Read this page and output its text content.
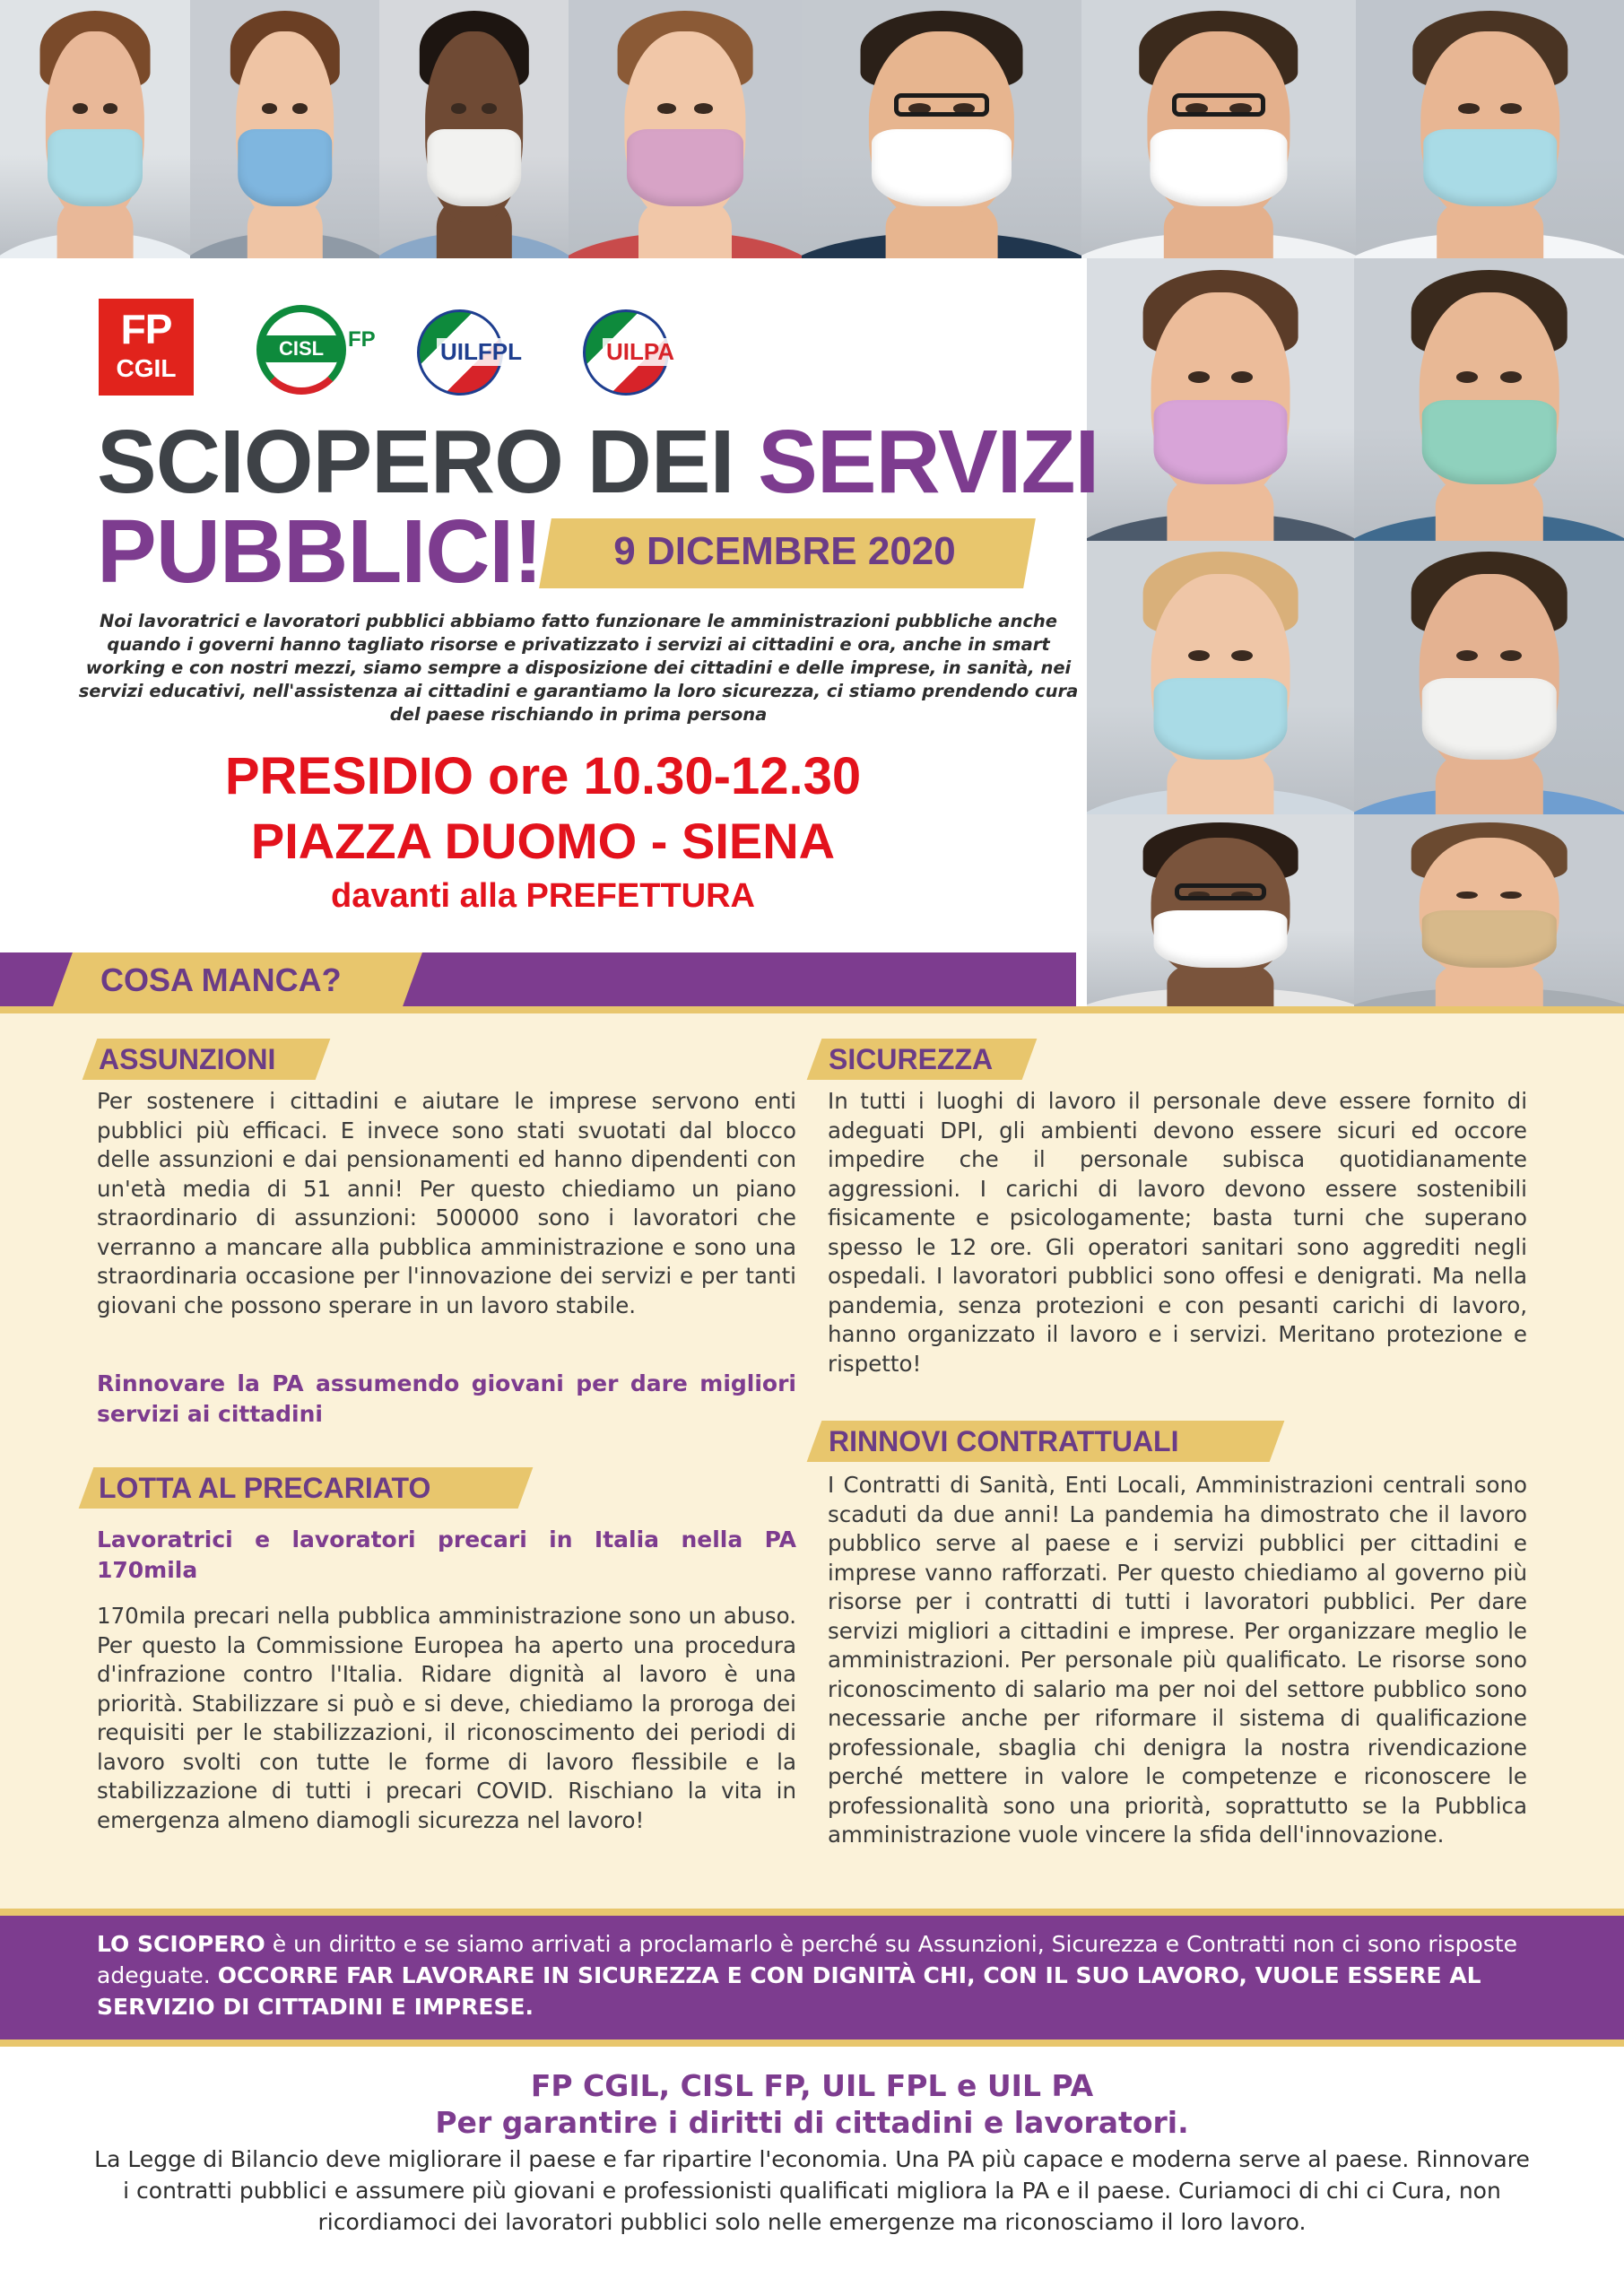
FP
CGIL
CISL	FP	UILFPL	UILPA
SCIOPERO DEI SERVIZI
PUBBLICI!	9 DICEMBRE 2020
Noi lavoratrici e lavoratori pubblici abbiamo fatto funzionare le amministrazioni pubbliche anche quando i governi hanno tagliato risorse e privatizzato i servizi ai cittadini e ora, anche in smart working e con nostri mezzi, siamo sempre a disposizione dei cittadini e delle imprese, in sanità, nei servizi educativi, nell'assistenza ai cittadini e garantiamo la loro sicurezza, ci stiamo prendendo cura del paese rischiando in prima persona
PRESIDIO ore 10.30-12.30
PIAZZA DUOMO - SIENA
davanti alla PREFETTURA
COSA MANCA?
ASSUNZIONI
Per sostenere i cittadini e aiutare le imprese servono enti pubblici più efficaci. E invece sono stati svuotati dal blocco delle assunzioni e dai pensionamenti ed hanno dipendenti con un'età media di 51 anni! Per questo chiediamo un piano straordinario di assunzioni: 500000 sono i lavoratori che verranno a mancare alla pubblica amministrazione e sono una straordinaria occasione per l'innovazione dei servizi e per tanti giovani che possono sperare in un lavoro stabile.
Rinnovare la PA assumendo giovani per dare migliori servizi ai cittadini
LOTTA AL PRECARIATO
Lavoratrici e lavoratori precari in Italia nella PA 170mila
170mila precari nella pubblica amministrazione sono un abuso. Per questo la Commissione Europea ha aperto una procedura d'infrazione contro l'Italia. Ridare dignità al lavoro è una priorità. Stabilizzare si può e si deve, chiediamo la proroga dei requisiti per le stabilizzazioni, il riconoscimento dei periodi di lavoro svolti con tutte le forme di lavoro flessibile e la stabilizzazione di tutti i precari COVID. Rischiano la vita in emergenza almeno diamogli sicurezza nel lavoro!
SICUREZZA
In tutti i luoghi di lavoro il personale deve essere fornito di adeguati DPI, gli ambienti devono essere sicuri ed occore impedire che il personale subisca quotidianamente aggressioni. I carichi di lavoro devono essere sostenibili fisicamente e psicologamente; basta turni che superano spesso le 12 ore. Gli operatori sanitari sono aggrediti negli ospedali. I lavoratori pubblici sono offesi e denigrati. Ma nella pandemia, senza protezioni e con pesanti carichi di lavoro, hanno organizzato il lavoro e i servizi. Meritano protezione e rispetto!
RINNOVI CONTRATTUALI
I Contratti di Sanità, Enti Locali, Amministrazioni centrali sono scaduti da due anni! La pandemia ha dimostrato che il lavoro pubblico serve al paese e i servizi pubblici per cittadini e imprese vanno rafforzati. Per questo chiediamo al governo più risorse per i contratti di tutti i lavoratori pubblici. Per dare servizi migliori a cittadini e imprese. Per organizzare meglio le amministrazioni. Per personale più qualificato. Le risorse sono riconoscimento di salario ma per noi del settore pubblico sono necessarie anche per riformare il sistema di qualificazione professionale, sbaglia chi denigra la nostra rivendicazione perché mettere in valore le competenze e riconoscere le professionalità sono una priorità, soprattutto se la Pubblica amministrazione vuole vincere la sfida dell'innovazione.
LO SCIOPERO è un diritto e se siamo arrivati a proclamarlo è perché su Assunzioni, Sicurezza e Contratti non ci sono risposte adeguate. OCCORRE FAR LAVORARE IN SICUREZZA E CON DIGNITÀ CHI, CON IL SUO LAVORO, VUOLE ESSERE AL SERVIZIO DI CITTADINI E IMPRESE.
FP CGIL, CISL FP, UIL FPL e UIL PA
Per garantire i diritti di cittadini e lavoratori.
La Legge di Bilancio deve migliorare il paese e far ripartire l'economia. Una PA più capace e moderna serve al paese. Rinnovare i contratti pubblici e assumere più giovani e professionisti qualificati migliora la PA e il paese. Curiamoci di chi ci Cura, non ricordiamoci dei lavoratori pubblici solo nelle emergenze ma riconosciamo il loro lavoro.
